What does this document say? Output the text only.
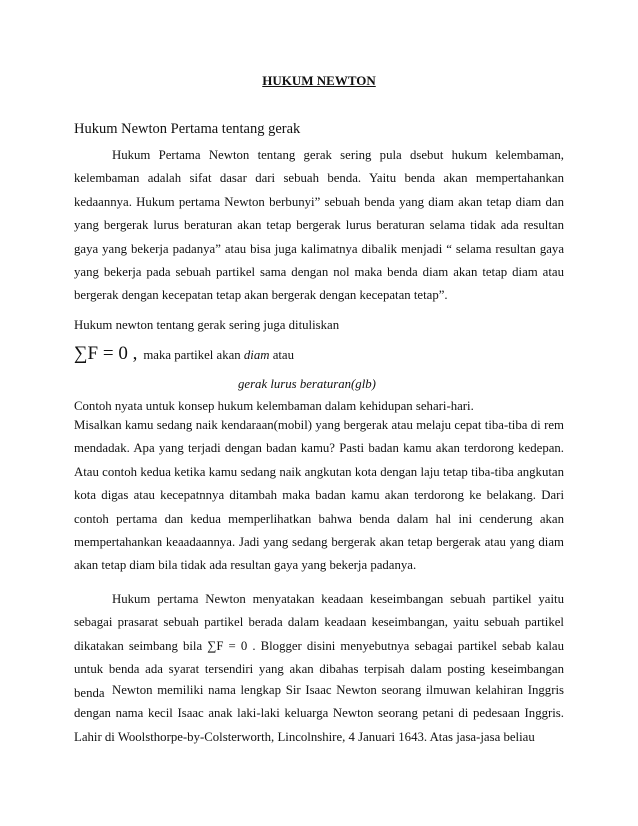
HUKUM NEWTON
Hukum Newton Pertama tentang gerak

Hukum Pertama Newton tentang gerak sering pula dsebut hukum kelembaman, kelembaman adalah sifat dasar dari sebuah benda. Yaitu benda akan mempertahankan kedaannya. Hukum pertama Newton berbunyi” sebuah benda yang diam akan tetap diam dan yang bergerak lurus beraturan akan tetap bergerak lurus beraturan selama tidak ada resultan gaya yang bekerja padanya” atau bisa juga kalimatnya dibalik menjadi “ selama resultan gaya yang bekerja pada sebuah partikel sama dengan nol maka benda diam akan tetap diam atau bergerak dengan kecepatan tetap akan bergerak dengan kecepatan tetap”.

Hukum newton tentang gerak sering juga dituliskan
∑F = 0 , maka partikel akan diam atau
gerak lurus beraturan(glb)
Contoh nyata untuk konsep hukum kelembaman dalam kehidupan sehari-hari.

Misalkan kamu sedang naik kendaraan(mobil) yang bergerak atau melaju cepat tiba-tiba di rem mendadak. Apa yang terjadi dengan badan kamu? Pasti badan kamu akan terdorong kedepan. Atau contoh kedua ketika kamu sedang naik angkutan kota dengan laju tetap tiba-tiba angkutan kota digas atau kecepatnnya ditambah maka badan kamu akan terdorong ke belakang. Dari contoh pertama dan kedua memperlihatkan bahwa benda dalam hal ini cenderung akan mempertahankan keaadaannya. Jadi yang sedang bergerak akan tetap bergerak atau yang diam akan tetap diam bila tidak ada resultan gaya yang bekerja padanya.

Hukum pertama Newton menyatakan keadaan keseimbangan sebuah partikel yaitu sebagai prasarat sebuah partikel berada dalam keadaan keseimbangan, yaitu sebuah partikel dikatakan seimbang bila ∑F = 0 . Blogger disini menyebutnya sebagai partikel sebab kalau untuk benda ada syarat tersendiri yang akan dibahas terpisah dalam posting keseimbangan benda Newton memiliki nama lengkap Sir Isaac Newton seorang ilmuwan kelahiran Inggris dengan nama kecil Isaac anak laki-laki keluarga Newton seorang petani di pedesaan Inggris. Lahir di Woolsthorpe-by-Colsterworth, Lincolnshire, 4 Januari 1643. Atas jasa-jasa beliau
